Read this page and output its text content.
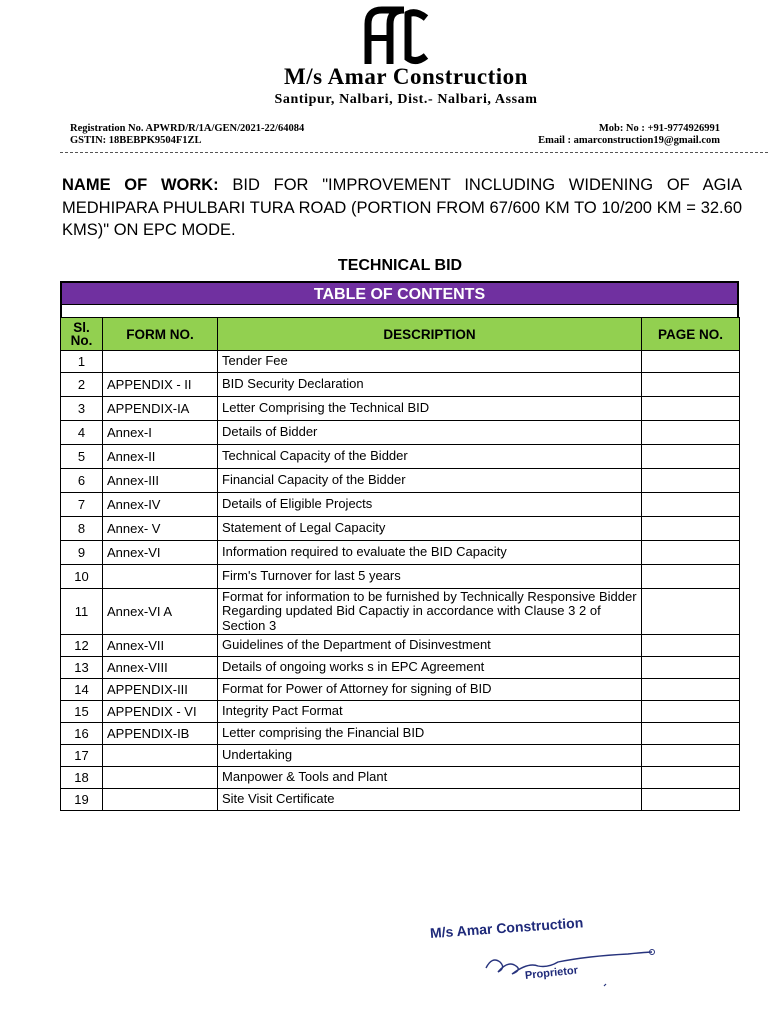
M/s Amar Construction
Santipur, Nalbari, Dist.- Nalbari, Assam
Registration No. APWRD/R/1A/GEN/2021-22/64084
GSTIN: 18BEBPK9504F1ZL
Mob: No : +91-9774926991
Email : amarconstruction19@gmail.com
NAME OF WORK: BID FOR "IMPROVEMENT INCLUDING WIDENING OF AGIA MEDHIPARA PHULBARI TURA ROAD (PORTION FROM 67/600 KM TO 10/200 KM = 32.60 KMS)" ON EPC MODE.
TECHNICAL BID
TABLE OF CONTENTS
Sl. No.	FORM NO.	DESCRIPTION	PAGE NO.
1		Tender Fee	
2	APPENDIX - II	BID Security Declaration	
3	APPENDIX-IA	Letter Comprising the Technical BID	
4	Annex-I	Details of Bidder	
5	Annex-II	Technical Capacity of the Bidder	
6	Annex-III	Financial Capacity of the Bidder	
7	Annex-IV	Details of Eligible Projects	
8	Annex- V	Statement of Legal Capacity	
9	Annex-VI	Information required to evaluate the BID Capacity	
10		Firm's Turnover for last 5 years	
11	Annex-VI A	Format for information to be furnished by Technically Responsive Bidder Regarding updated Bid Capactiy in accordance with Clause 3 2 of Section 3	
12	Annex-VII	Guidelines of the Department of Disinvestment	
13	Annex-VIII	Details of ongoing works s in EPC Agreement	
14	APPENDIX-III	Format for Power of Attorney for signing of BID	
15	APPENDIX - VI	Integrity Pact Format	
16	APPENDIX-IB	Letter comprising the Financial BID	
17		Undertaking	
18		Manpower & Tools and Plant	
19		Site Visit Certificate	
M/s Amar Construction
Proprietor
